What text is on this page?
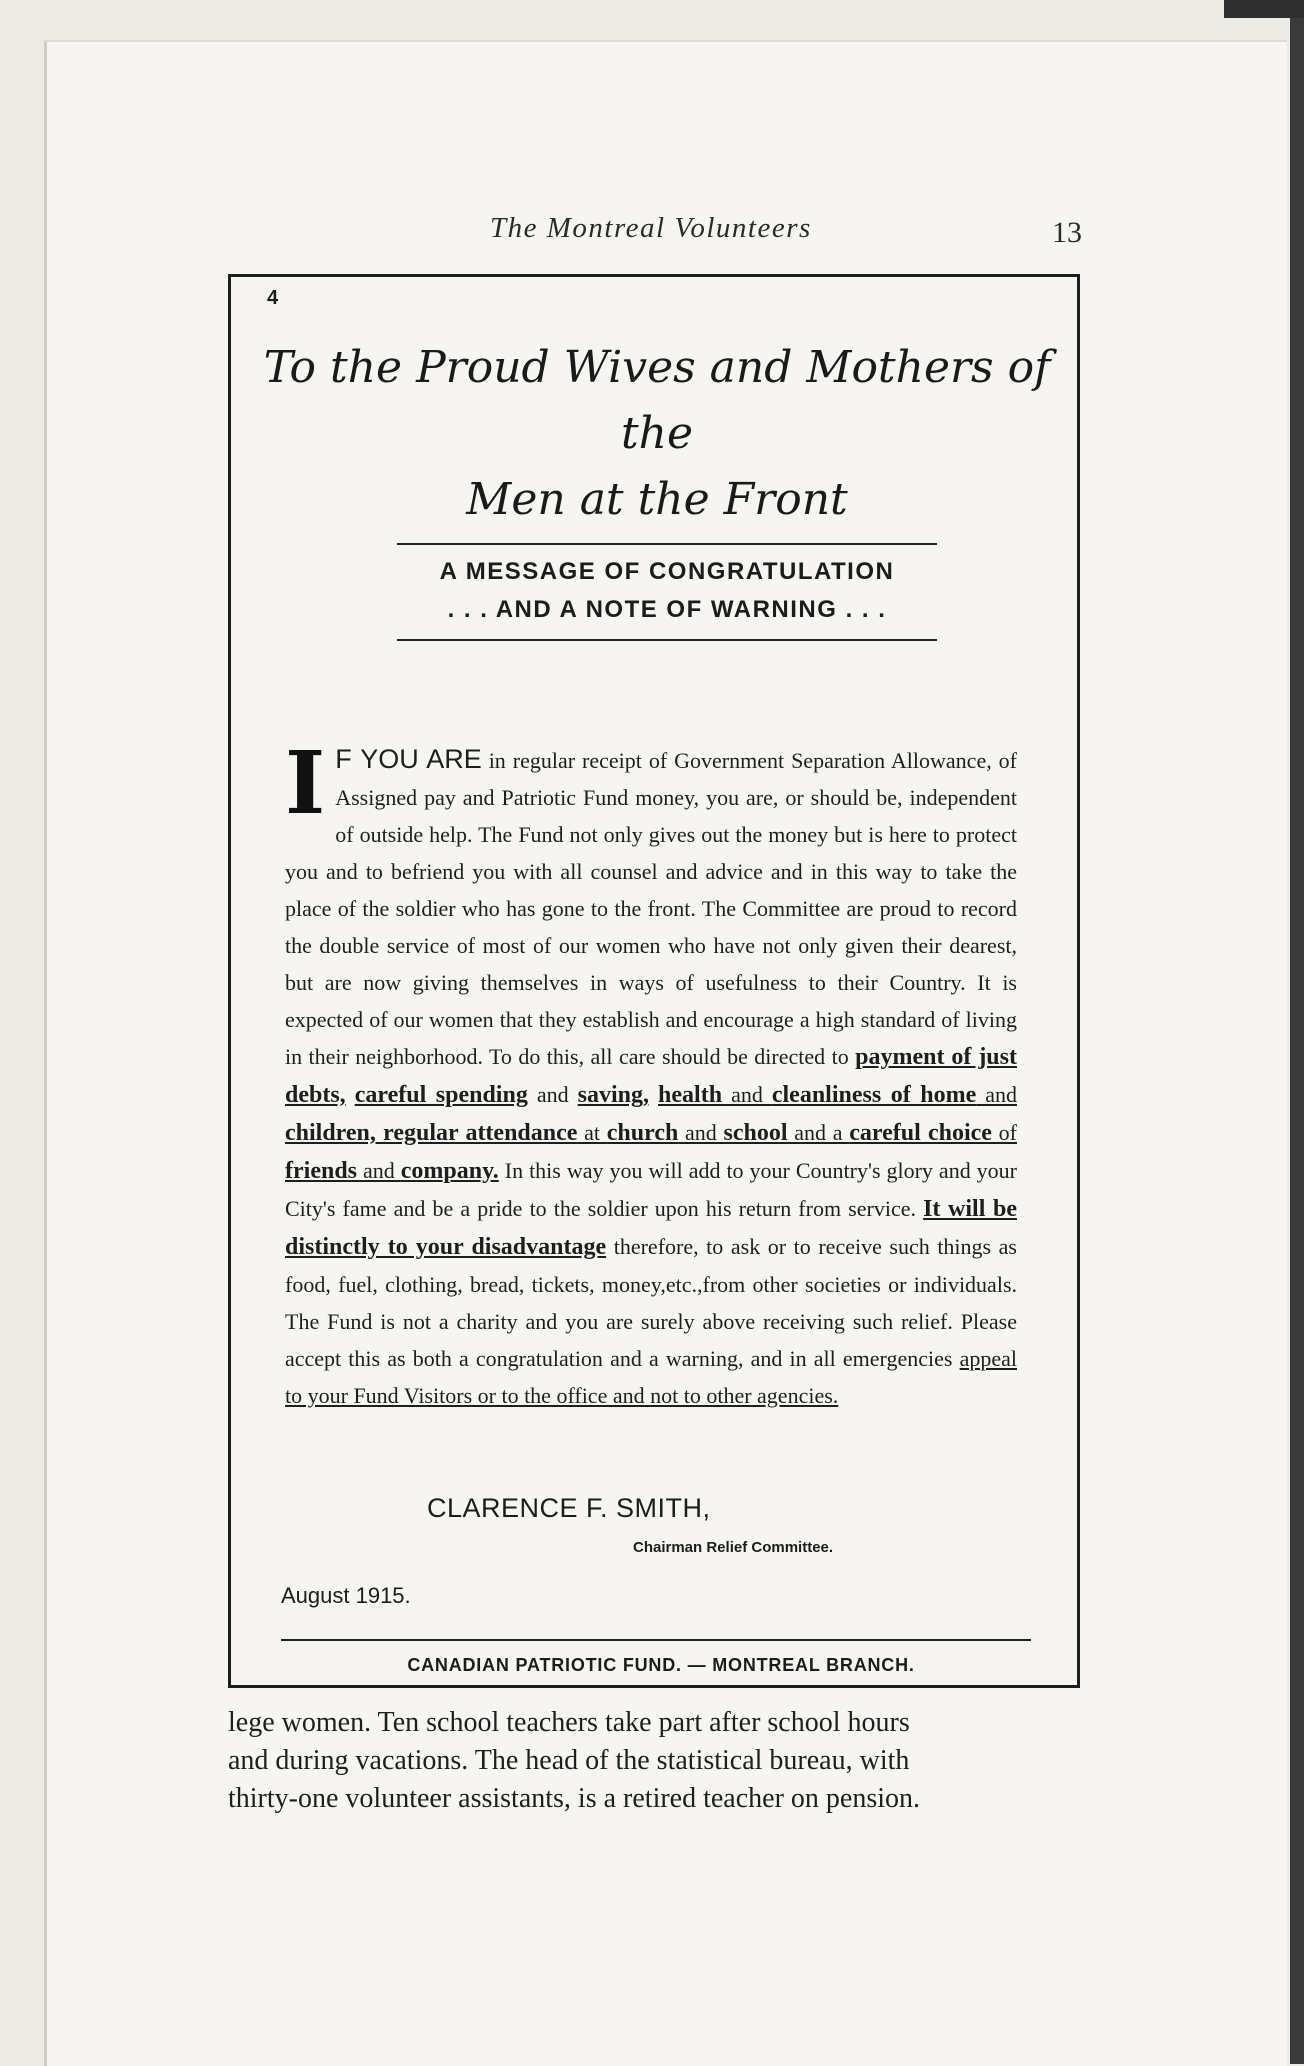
The Montreal Volunteers	13
4
To the Proud Wives and Mothers of the
Men at the Front
A MESSAGE OF CONGRATULATION
. . . AND A NOTE OF WARNING . . .
I F YOU ARE in regular receipt of Government Separation Allowance, of Assigned pay and Patriotic Fund money, you are, or should be, independent of outside help. The Fund not only gives out the money but is here to protect you and to befriend you with all counsel and advice and in this way to take the place of the soldier who has gone to the front. The Committee are proud to record the double service of most of our women who have not only given their dearest, but are now giving themselves in ways of usefulness to their Country. It is expected of our women that they establish and encourage a high standard of living in their neighborhood. To do this, all care should be directed to payment of just debts, careful spending and saving, health and cleanliness of home and children, regular attendance at church and school and a careful choice of friends and company. In this way you will add to your Country's glory and your City's fame and be a pride to the soldier upon his return from service. It will be distinctly to your disadvantage therefore, to ask or to receive such things as food, fuel, clothing, bread, tickets, money,etc.,from other societies or individuals. The Fund is not a charity and you are surely above receiving such relief. Please accept this as both a congratulation and a warning, and in all emergencies appeal to your Fund Visitors or to the office and not to other agencies.
CLARENCE F. SMITH,
Chairman Relief Committee.
August 1915.
CANADIAN PATRIOTIC FUND. — MONTREAL BRANCH.
lege women. Ten school teachers take part after school hours
and during vacations. The head of the statistical bureau, with
thirty-one volunteer assistants, is a retired teacher on pension.
